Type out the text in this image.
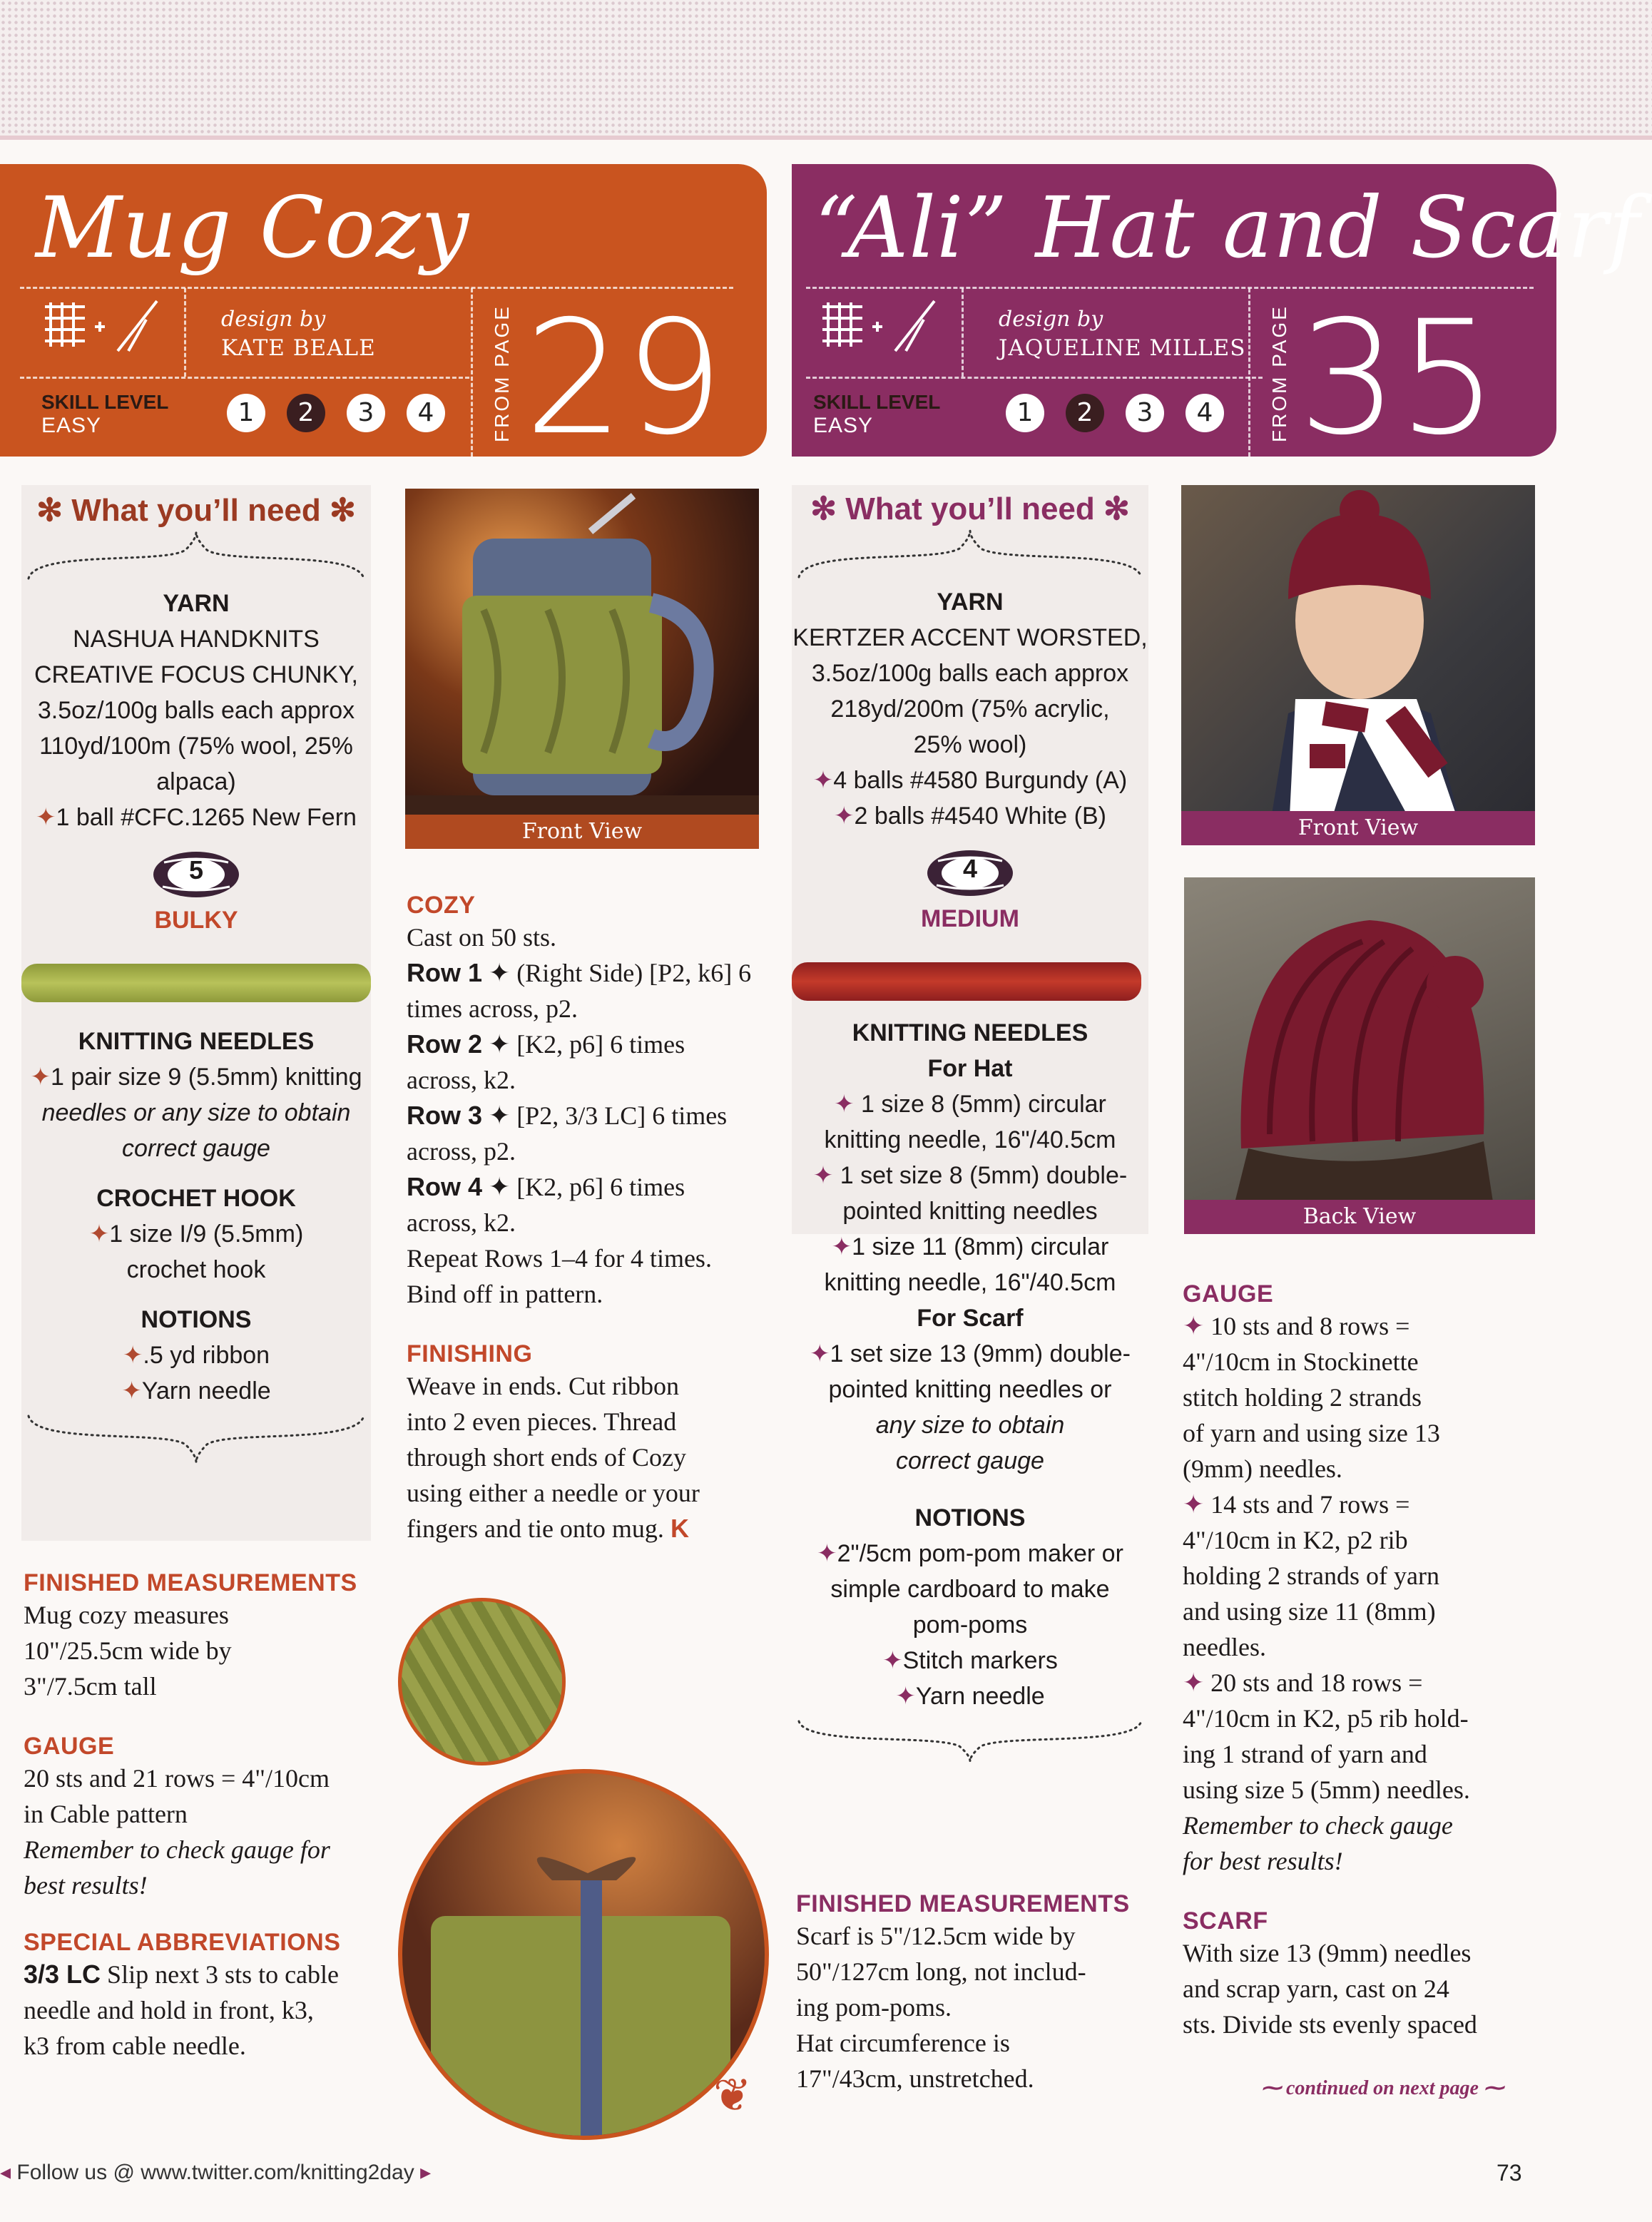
Mug Cozy
design by
KATE BEALE
SKILL LEVEL
EASY	1	2	3	4	FROM PAGE 29
“Ali” Hat and Scarf
design by
JAQUELINE MILLES
SKILL LEVEL
EASY	1	2	3	4	FROM PAGE 35
✻ What you’ll need ✻
YARN
NASHUA HANDKNITS
CREATIVE FOCUS CHUNKY,
3.5oz/100g balls each approx
110yd/100m (75% wool, 25%
alpaca)
✦1 ball #CFC.1265 New Fern
5
BULKY
KNITTING NEEDLES
✦1 pair size 9 (5.5mm) knitting
needles or any size to obtain
correct gauge
CROCHET HOOK
✦1 size I/9 (5.5mm)
crochet hook
NOTIONS
✦.5 yd ribbon
✦Yarn needle
FINISHED MEASUREMENTS
Mug cozy measures
10"/25.5cm wide by
3"/7.5cm tall
GAUGE
20 sts and 21 rows = 4"/10cm
in Cable pattern
Remember to check gauge for
best results!
SPECIAL ABBREVIATIONS
3/3 LC Slip next 3 sts to cable
needle and hold in front, k3,
k3 from cable needle.
Front View
COZY
Cast on 50 sts.
Row 1 ✦ (Right Side) [P2, k6] 6
times across, p2.
Row 2 ✦ [K2, p6] 6 times
across, k2.
Row 3 ✦ [P2, 3/3 LC] 6 times
across, p2.
Row 4 ✦ [K2, p6] 6 times
across, k2.
Repeat Rows 1–4 for 4 times.
Bind off in pattern.
FINISHING
Weave in ends. Cut ribbon
into 2 even pieces. Thread
through short ends of Cozy
using either a needle or your
fingers and tie onto mug. K
❦
✻ What you’ll need ✻
YARN
KERTZER ACCENT WORSTED,
3.5oz/100g balls each approx
218yd/200m (75% acrylic,
25% wool)
✦4 balls #4580 Burgundy (A)
✦2 balls #4540 White (B)
4
MEDIUM
KNITTING NEEDLES
For Hat
✦ 1 size 8 (5mm) circular
knitting needle, 16"/40.5cm
✦ 1 set size 8 (5mm) double-
pointed knitting needles
✦1 size 11 (8mm) circular
knitting needle, 16"/40.5cm
For Scarf
✦1 set size 13 (9mm) double-
pointed knitting needles or
any size to obtain
correct gauge
NOTIONS
✦2"/5cm pom-pom maker or
simple cardboard to make
pom-poms
✦Stitch markers
✦Yarn needle
FINISHED MEASUREMENTS
Scarf is 5"/12.5cm wide by
50"/127cm long, not includ-
ing pom-poms.
Hat circumference is
17"/43cm, unstretched.
Front View
Back View
GAUGE
✦ 10 sts and 8 rows =
4"/10cm in Stockinette
stitch holding 2 strands
of yarn and using size 13
(9mm) needles.
✦ 14 sts and 7 rows =
4"/10cm in K2, p2 rib
holding 2 strands of yarn
and using size 11 (8mm)
needles.
✦ 20 sts and 18 rows =
4"/10cm in K2, p5 rib hold-
ing 1 strand of yarn and
using size 5 (5mm) needles.
Remember to check gauge
for best results!
SCARF
With size 13 (9mm) needles
and scrap yarn, cast on 24
sts. Divide sts evenly spaced
⁓ continued on next page ⁓
◂ Follow us @ www.twitter.com/knitting2day ▸	73
